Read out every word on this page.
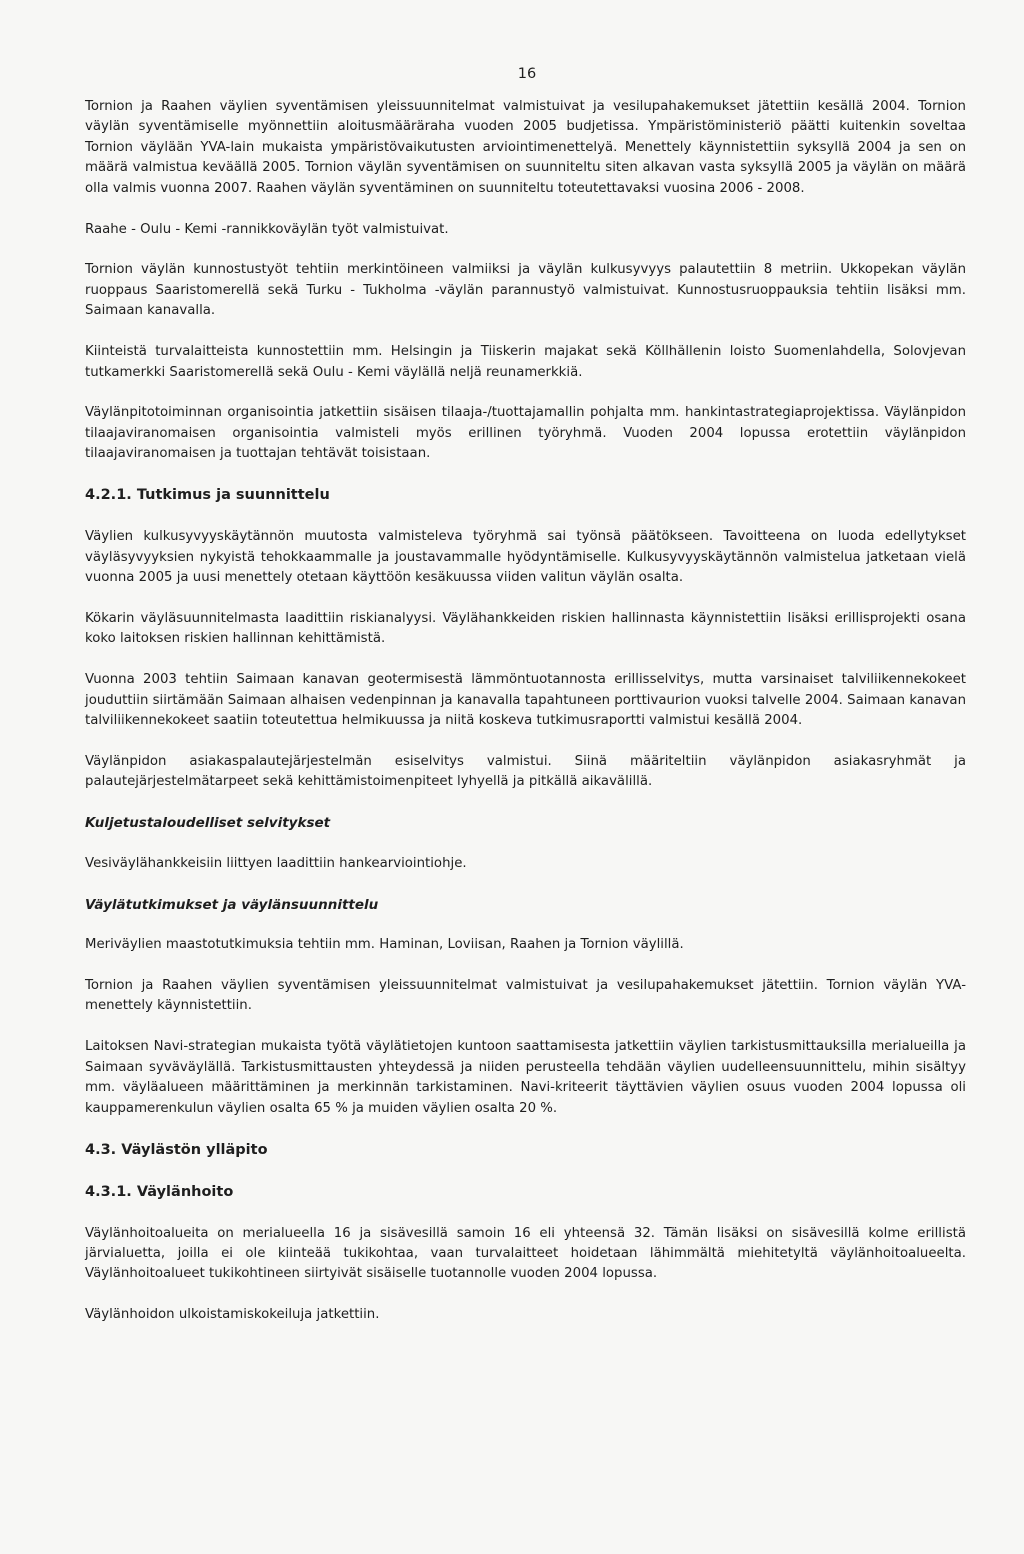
16

Tornion ja Raahen väylien syventämisen yleissuunnitelmat valmistuivat ja vesilupahakemukset jätettiin kesällä 2004. Tornion väylän syventämiselle myönnettiin aloitusmääräraha vuoden 2005 budjetissa. Ympäristöministeriö päätti kuitenkin soveltaa Tornion väylään YVA-lain mukaista ympäristövaikutusten arviointimenettelyä. Menettely käynnistettiin syksyllä 2004 ja sen on määrä valmistua keväällä 2005. Tornion väylän syventämisen on suunniteltu siten alkavan vasta syksyllä 2005 ja väylän on määrä olla valmis vuonna 2007. Raahen väylän syventäminen on suunniteltu toteutettavaksi vuosina 2006 - 2008.

Raahe - Oulu - Kemi -rannikkoväylän työt valmistuivat.

Tornion väylän kunnostustyöt tehtiin merkintöineen valmiiksi ja väylän kulkusyvyys palautettiin 8 metriin. Ukkopekan väylän ruoppaus Saaristomerellä sekä Turku - Tukholma -väylän parannustyö valmistuivat. Kunnostusruoppauksia tehtiin lisäksi mm. Saimaan kanavalla.

Kiinteistä turvalaitteista kunnostettiin mm. Helsingin ja Tiiskerin majakat sekä Köllhällenin loisto Suomenlahdella, Solovjevan tutkamerkki Saaristomerellä sekä Oulu - Kemi väylällä neljä reunamerkkiä.

Väylänpitotoiminnan organisointia jatkettiin sisäisen tilaaja-/tuottajamallin pohjalta mm. hankintastrategiaprojektissa. Väylänpidon tilaajaviranomaisen organisointia valmisteli myös erillinen työryhmä. Vuoden 2004 lopussa erotettiin väylänpidon tilaajaviranomaisen ja tuottajan tehtävät toisistaan.

4.2.1. Tutkimus ja suunnittelu

Väylien kulkusyvyyskäytännön muutosta valmisteleva työryhmä sai työnsä päätökseen. Tavoitteena on luoda edellytykset väyläsyvyyksien nykyistä tehokkaammalle ja joustavammalle hyödyntämiselle. Kulkusyvyyskäytännön valmistelua jatketaan vielä vuonna 2005 ja uusi menettely otetaan käyttöön kesäkuussa viiden valitun väylän osalta.

Kökarin väyläsuunnitelmasta laadittiin riskianalyysi. Väylähankkeiden riskien hallinnasta käynnistettiin lisäksi erillisprojekti osana koko laitoksen riskien hallinnan kehittämistä.

Vuonna 2003 tehtiin Saimaan kanavan geotermisestä lämmöntuotannosta erillisselvitys, mutta varsinaiset talviliikennekokeet jouduttiin siirtämään Saimaan alhaisen vedenpinnan ja kanavalla tapahtuneen porttivaurion vuoksi talvelle 2004. Saimaan kanavan talviliikennekokeet saatiin toteutettua helmikuussa ja niitä koskeva tutkimusraportti valmistui kesällä 2004.

Väylänpidon asiakaspalautejärjestelmän esiselvitys valmistui. Siinä määriteltiin väylänpidon asiakasryhmät ja palautejärjestelmätarpeet sekä kehittämistoimenpiteet lyhyellä ja pitkällä aikavälillä.

Kuljetustaloudelliset selvitykset

Vesiväylähankkeisiin liittyen laadittiin hankearviointiohje.

Väylätutkimukset ja väylänsuunnittelu

Meriväylien maastotutkimuksia tehtiin mm. Haminan, Loviisan, Raahen ja Tornion väylillä.

Tornion ja Raahen väylien syventämisen yleissuunnitelmat valmistuivat ja vesilupahakemukset jätettiin. Tornion väylän YVA-menettely käynnistettiin.

Laitoksen Navi-strategian mukaista työtä väylätietojen kuntoon saattamisesta jatkettiin väylien tarkistusmittauksilla merialueilla ja Saimaan syväväylällä. Tarkistusmittausten yhteydessä ja niiden perusteella tehdään väylien uudelleensuunnittelu, mihin sisältyy mm. väyläalueen määrittäminen ja merkinnän tarkistaminen. Navi-kriteerit täyttävien väylien osuus vuoden 2004 lopussa oli kauppamerenkulun väylien osalta 65 % ja muiden väylien osalta 20 %.

4.3. Väylästön ylläpito
4.3.1. Väylänhoito

Väylänhoitoalueita on merialueella 16 ja sisävesillä samoin 16 eli yhteensä 32. Tämän lisäksi on sisävesillä kolme erillistä järvialuetta, joilla ei ole kiinteää tukikohtaa, vaan turvalaitteet hoidetaan lähimmältä miehitetyltä väylänhoitoalueelta. Väylänhoitoalueet tukikohtineen siirtyivät sisäiselle tuotannolle vuoden 2004 lopussa.

Väylänhoidon ulkoistamiskokeiluja jatkettiin.
